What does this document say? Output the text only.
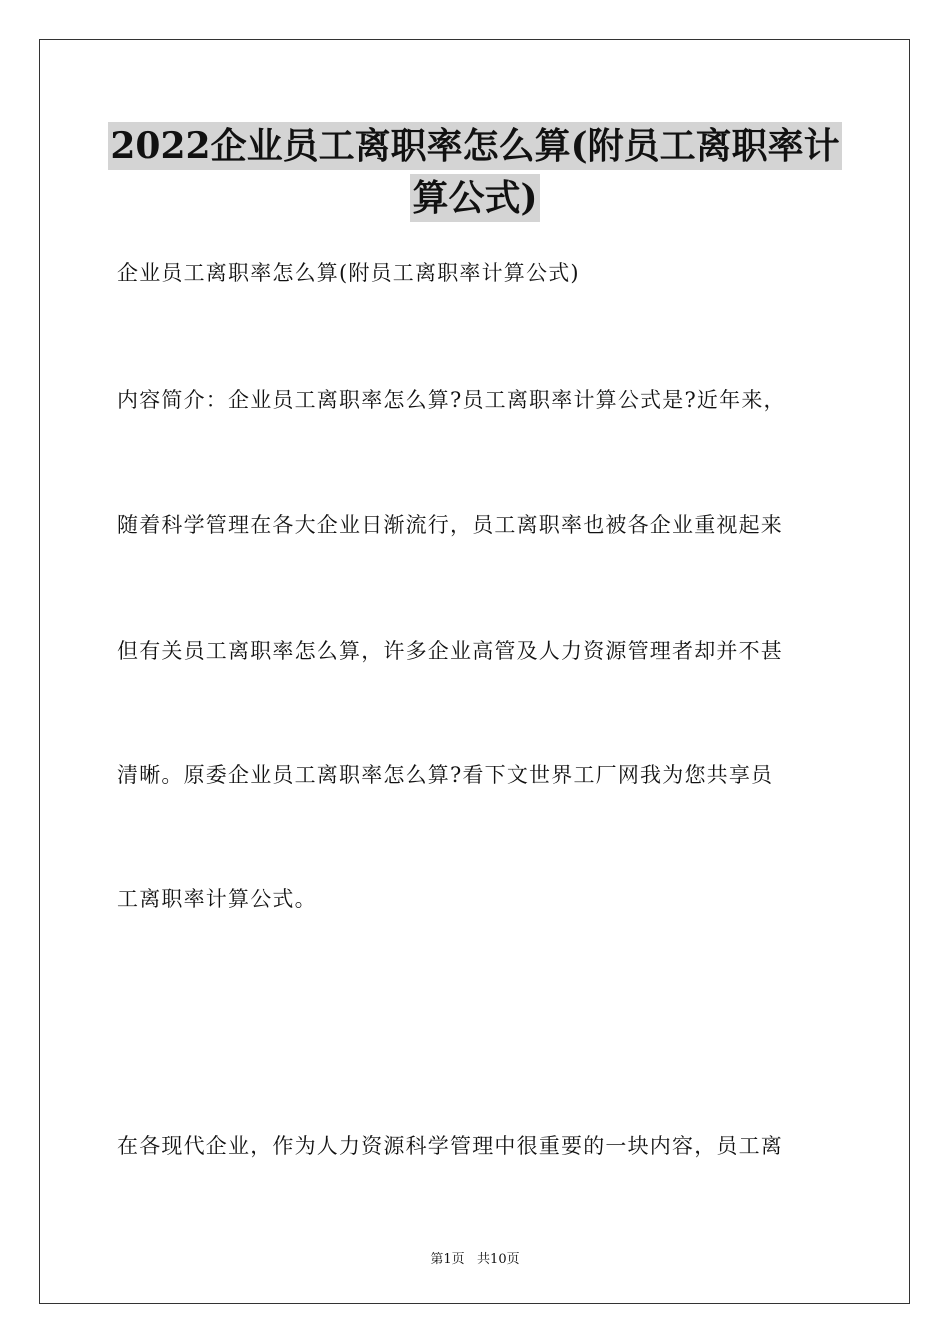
2022企业员工离职率怎么算(附员工离职率计
算公式)
企业员工离职率怎么算(附员工离职率计算公式)
内容简介：企业员工离职率怎么算?员工离职率计算公式是?近年来，
随着科学管理在各大企业日渐流行，员工离职率也被各企业重视起来
但有关员工离职率怎么算，许多企业高管及人力资源管理者却并不甚
清晰。原委企业员工离职率怎么算?看下文世界工厂网我为您共享员
工离职率计算公式。
在各现代企业，作为人力资源科学管理中很重要的一块内容，员工离
第1页   共10页
